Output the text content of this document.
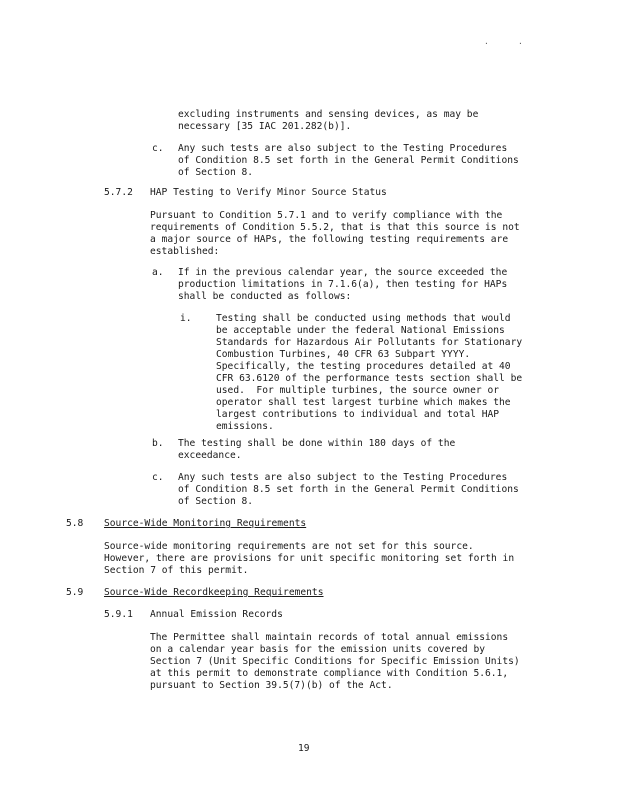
.	.
excluding instruments and sensing devices, as may be
necessary [35 IAC 201.282(b)].
c. Any such tests are also subject to the Testing Procedures
of Condition 8.5 set forth in the General Permit Conditions
of Section 8.
5.7.2 HAP Testing to Verify Minor Source Status
Pursuant to Condition 5.7.1 and to verify compliance with the
requirements of Condition 5.5.2, that is that this source is not
a major source of HAPs, the following testing requirements are
established:
a. If in the previous calendar year, the source exceeded the
production limitations in 7.1.6(a), then testing for HAPs
shall be conducted as follows:
i.	Testing shall be conducted using methods that would
be acceptable under the federal National Emissions
Standards for Hazardous Air Pollutants for Stationary
Combustion Turbines, 40 CFR 63 Subpart YYYY.
Specifically, the testing procedures detailed at 40
CFR 63.6120 of the performance tests section shall be
used.  For multiple turbines, the source owner or
operator shall test largest turbine which makes the
largest contributions to individual and total HAP
emissions.
b. The testing shall be done within 180 days of the
exceedance.
c. Any such tests are also subject to the Testing Procedures
of Condition 8.5 set forth in the General Permit Conditions
of Section 8.
5.8 Source-Wide Monitoring Requirements
Source-wide monitoring requirements are not set for this source.
However, there are provisions for unit specific monitoring set forth in
Section 7 of this permit.
5.9 Source-Wide Recordkeeping Requirements
5.9.1 Annual Emission Records
The Permittee shall maintain records of total annual emissions
on a calendar year basis for the emission units covered by
Section 7 (Unit Specific Conditions for Specific Emission Units)
at this permit to demonstrate compliance with Condition 5.6.1,
pursuant to Section 39.5(7)(b) of the Act.
19
